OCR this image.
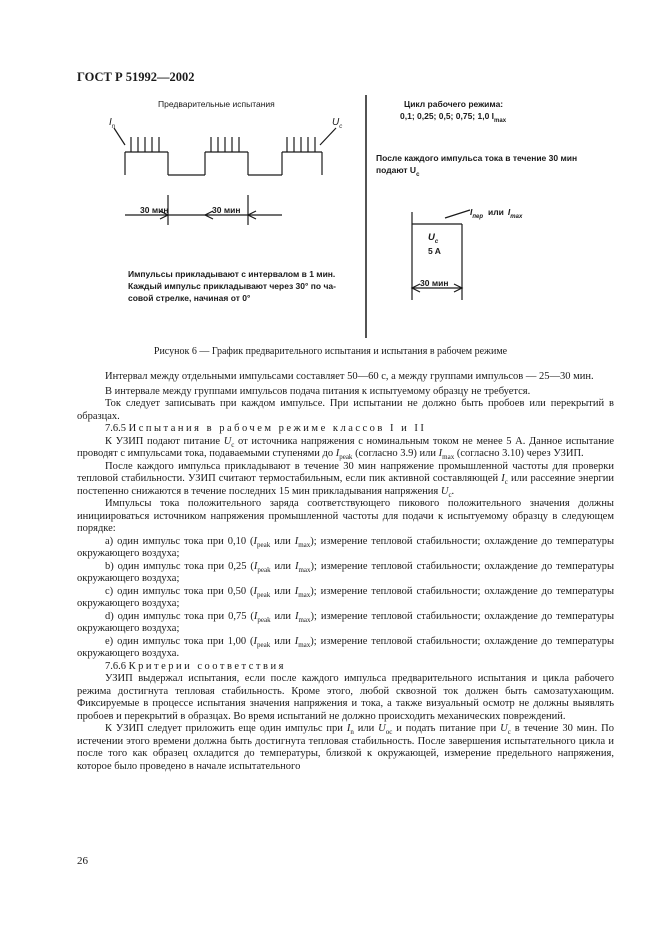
ГОСТ Р 51992—2002
Предварительные испытания
$I_n$	$U_c$
30 мин	30 мин
Импульсы прикладывают с интервалом в 1 мин.
Каждый импульс прикладывают через 30° по ча-
совой стрелке, начиная от 0°
Цикл рабочего режима:
0,1; 0,25; 0,5; 0,75; 1,0 $I_{max}$
После каждого импульса тока в течение 30 мин
подают $U_c$
$I_{пер}$ или $I_{max}$
$U_c$
5 A
30 мин
Рисунок 6 — График предварительного испытания и испытания в рабочем режиме

Интервал между отдельными импульсами составляет 50—60 с, а между группами импульсов — 25—30 мин.

В интервале между группами импульсов подача питания к испытуемому образцу не требуется.

Ток следует записывать при каждом импульсе. При испытании не должно быть пробоев или перекрытий в образцах.

7.6.5 Испытания в рабочем режиме классов I и II

К УЗИП подают питание $U_c$ от источника напряжения с номинальным током не менее 5 А. Данное испытание проводят с импульсами тока, подаваемыми ступенями до $I_{peak}$ (согласно 3.9) или $I_{max}$ (согласно 3.10) через УЗИП.

После каждого импульса прикладывают в течение 30 мин напряжение промышленной частоты для проверки тепловой стабильности. УЗИП считают термостабильным, если пик активной составляющей $I_c$ или рассеяние энергии постепенно снижаются в течение последних 15 мин прикладывания напряжения $U_c$.

Импульсы тока положительного заряда соответствующего пикового положительного значения должны инициироваться источником напряжения промышленной частоты для подачи к испытуемому образцу в следующем порядке:

a) один импульс тока при 0,10 ($I_{peak}$ или $I_{max}$); измерение тепловой стабильности; охлаждение до температуры окружающего воздуха;

b) один импульс тока при 0,25 ($I_{peak}$ или $I_{max}$); измерение тепловой стабильности; охлаждение до температуры окружающего воздуха;

c) один импульс тока при 0,50 ($I_{peak}$ или $I_{max}$); измерение тепловой стабильности; охлаждение до температуры окружающего воздуха;

d) один импульс тока при 0,75 ($I_{peak}$ или $I_{max}$); измерение тепловой стабильности; охлаждение до температуры окружающего воздуха;

e) один импульс тока при 1,00 ($I_{peak}$ или $I_{max}$); измерение тепловой стабильности; охлаждение до температуры окружающего воздуха.

7.6.6 Критерии соответствия

УЗИП выдержал испытания, если после каждого импульса предварительного испытания и цикла рабочего режима достигнута тепловая стабильность. Кроме этого, любой сквозной ток должен быть самозатухающим. Фиксируемые в процессе испытания значения напряжения и тока, а также визуальный осмотр не должны выявлять пробоев и перекрытий в образцах. Во время испытаний не должно происходить механических повреждений.

К УЗИП следует приложить еще один импульс при $I_n$ или $U_{oc}$ и подать питание при $U_c$ в течение 30 мин. По истечении этого времени должна быть достигнута тепловая стабильность. После завершения испытательного цикла и после того как образец охладится до температуры, близкой к окружающей, измерение предельного напряжения, которое было проведено в начале испытательного

26
